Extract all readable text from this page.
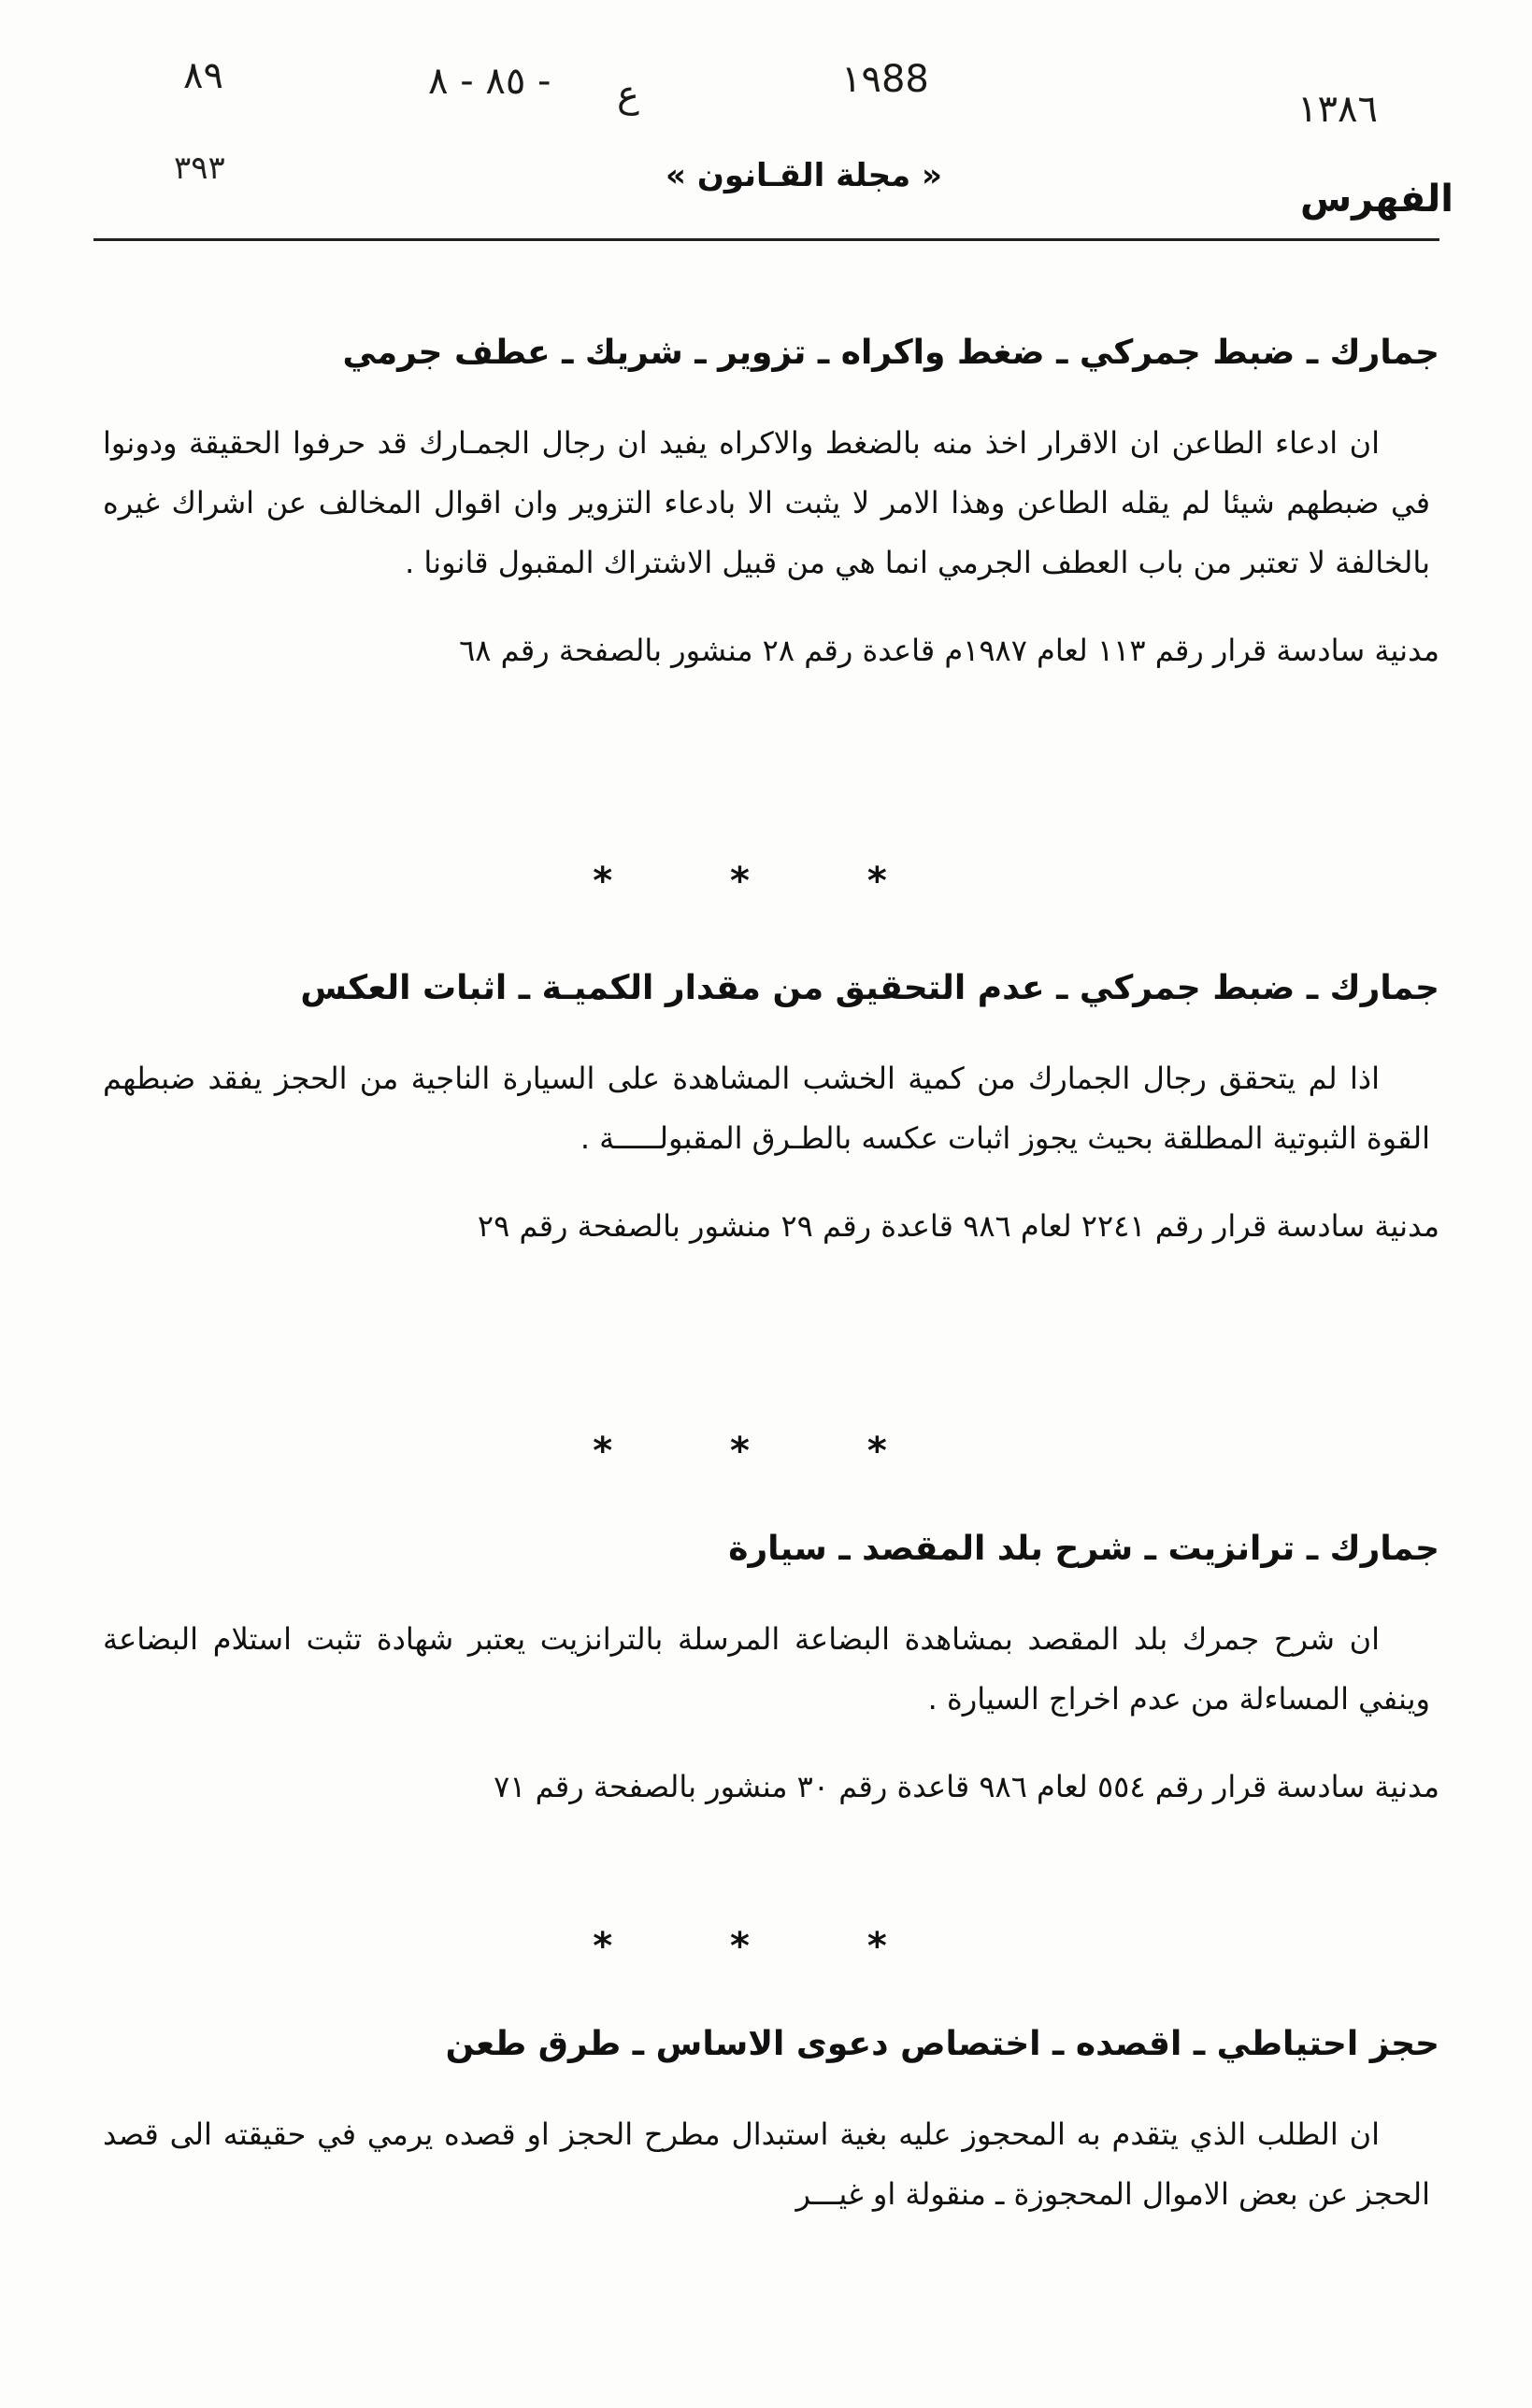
٨٩	٨٥ - ٨ - ع	١٩88
١٣٨٦
٣٩٣	« مجلة القـانون »
الفهرس
جمارك ـ ضبط جمركي ـ ضغط واكراه ـ تزوير ـ شريك ـ عطف جرمي
ان ادعاء الطاعن ان الاقرار اخذ منه بالضغط والاكراه يفيد ان رجال الجمـارك قد حرفوا الحقيقة ودونوا في ضبطهم شيئا لم يقله الطاعن وهذا الامر لا يثبت الا بادعاء التزوير وان اقوال المخالف عن اشراك غيره بالخالفة لا تعتبر من باب العطف الجرمي انما هي من قبيل الاشتراك المقبول قانونا .
مدنية سادسة قرار رقم ١١٣ لعام ١٩٨٧م قاعدة رقم ٢٨ منشور بالصفحة رقم ٦٨
* * *
جمارك ـ ضبط جمركي ـ عدم التحقيق من مقدار الكميـة ـ اثبات العكس
اذا لم يتحقق رجال الجمارك من كمية الخشب المشاهدة على السيارة الناجية من الحجز يفقد ضبطهم القوة الثبوتية المطلقة بحيث يجوز اثبات عكسه بالطـرق المقبولـــــة .
مدنية سادسة قرار رقم ٢٢٤١ لعام ٩٨٦ قاعدة رقم ٢٩ منشور بالصفحة رقم ٢٩
* * *
جمارك ـ ترانزيت ـ شرح بلد المقصد ـ سيارة
ان شرح جمرك بلد المقصد بمشاهدة البضاعة المرسلة بالترانزيت يعتبر شهادة تثبت استلام البضاعة وينفي المساءلة من عدم اخراج السيارة .
مدنية سادسة قرار رقم ٥٥٤ لعام ٩٨٦ قاعدة رقم ٣٠ منشور بالصفحة رقم ٧١
* * *
حجز احتياطي ـ اقصده ـ اختصاص دعوى الاساس ـ طرق طعن
ان الطلب الذي يتقدم به المحجوز عليه بغية استبدال مطرح الحجز او قصده يرمي في حقيقته الى قصد الحجز عن بعض الاموال المحجوزة ـ منقولة او غيـــر
